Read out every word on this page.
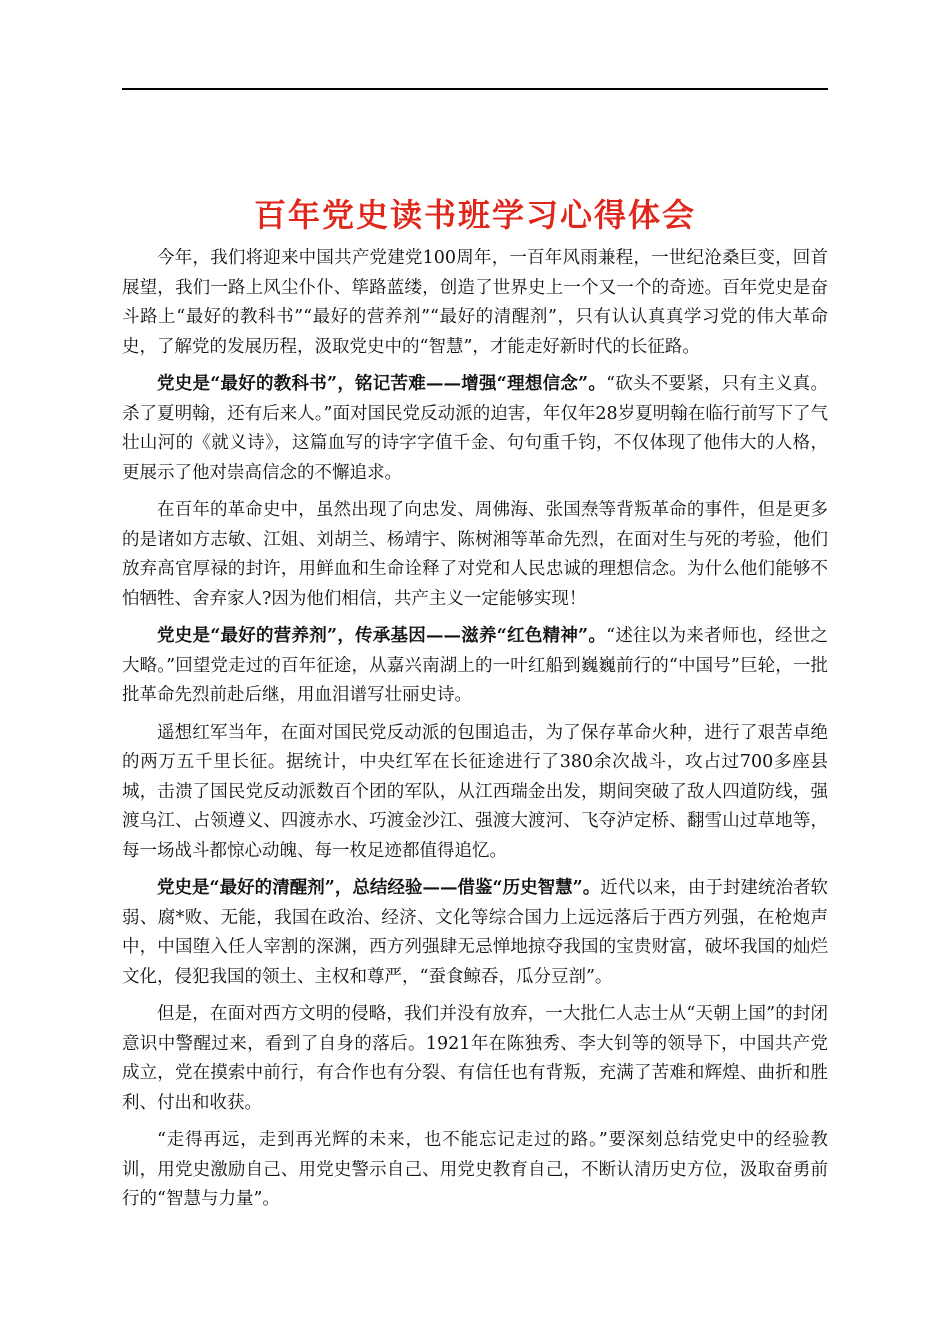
百年党史读书班学习心得体会

今年，我们将迎来中国共产党建党100周年，一百年风雨兼程，一世纪沧桑巨变，回首展望，我们一路上风尘仆仆、筚路蓝缕，创造了世界史上一个又一个的奇迹。百年党史是奋斗路上“最好的教科书”“最好的营养剂”“最好的清醒剂”，只有认认真真学习党的伟大革命史，了解党的发展历程，汲取党史中的“智慧”，才能走好新时代的长征路。

党史是“最好的教科书”，铭记苦难——增强“理想信念”。“砍头不要紧，只有主义真。杀了夏明翰，还有后来人。”面对国民党反动派的迫害，年仅年28岁夏明翰在临行前写下了气壮山河的《就义诗》，这篇血写的诗字字值千金、句句重千钧，不仅体现了他伟大的人格，更展示了他对崇高信念的不懈追求。

在百年的革命史中，虽然出现了向忠发、周佛海、张国焘等背叛革命的事件，但是更多的是诸如方志敏、江姐、刘胡兰、杨靖宇、陈树湘等革命先烈，在面对生与死的考验，他们放弃高官厚禄的封许，用鲜血和生命诠释了对党和人民忠诚的理想信念。为什么他们能够不怕牺牲、舍弃家人?因为他们相信，共产主义一定能够实现！

党史是“最好的营养剂”，传承基因——滋养“红色精神”。“述往以为来者师也，经世之大略。”回望党走过的百年征途，从嘉兴南湖上的一叶红船到巍巍前行的“中国号”巨轮，一批批革命先烈前赴后继，用血泪谱写壮丽史诗。

遥想红军当年，在面对国民党反动派的包围追击，为了保存革命火种，进行了艰苦卓绝的两万五千里长征。据统计，中央红军在长征途进行了380余次战斗，攻占过700多座县城，击溃了国民党反动派数百个团的军队，从江西瑞金出发，期间突破了敌人四道防线，强渡乌江、占领遵义、四渡赤水、巧渡金沙江、强渡大渡河、飞夺泸定桥、翻雪山过草地等，每一场战斗都惊心动魄、每一枚足迹都值得追忆。

党史是“最好的清醒剂”，总结经验——借鉴“历史智慧”。近代以来，由于封建统治者软弱、腐*败、无能，我国在政治、经济、文化等综合国力上远远落后于西方列强，在枪炮声中，中国堕入任人宰割的深渊，西方列强肆无忌惮地掠夺我国的宝贵财富，破坏我国的灿烂文化，侵犯我国的领土、主权和尊严，“蚕食鲸吞，瓜分豆剖”。

但是，在面对西方文明的侵略，我们并没有放弃，一大批仁人志士从“天朝上国”的封闭意识中警醒过来，看到了自身的落后。1921年在陈独秀、李大钊等的领导下，中国共产党成立，党在摸索中前行，有合作也有分裂、有信任也有背叛，充满了苦难和辉煌、曲折和胜利、付出和收获。

“走得再远，走到再光辉的未来，也不能忘记走过的路。”要深刻总结党史中的经验教训，用党史激励自己、用党史警示自己、用党史教育自己，不断认清历史方位，汲取奋勇前行的“智慧与力量”。
